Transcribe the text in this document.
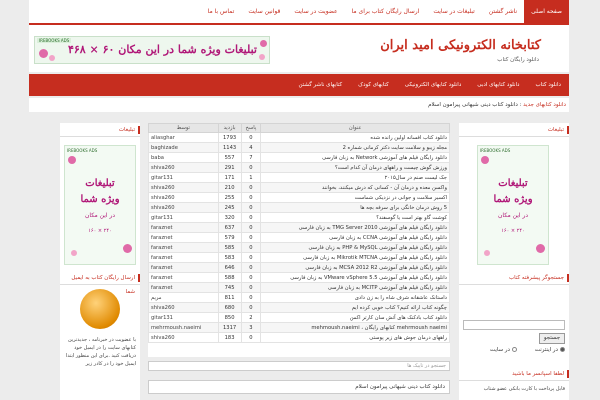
صفحه اصلی
ناشر گشتن
تبلیغات در سایت
ارسال رایگان کتاب برای ما
عضویت در سایت
قوانین سایت
تماس با ما
کتابخانه الکترونیکی امید ایران
دانلود رایگان کتاب
IREBOOKS ADS
تبلیغات ویژه شما در این مکان ۶۰ × ۴۶۸
دانلود کتاب
دانلود کتابهای ادبی
دانلود کتابهای الکترونیکی
کتابهای کودک
کتابهای ناشر گشتن
دانلود کتابهای جدید : دانلود کتاب دینی شیهانی پیرامون اسلام
تبلیغات
IREBOOKS ADS
تبلیغات
ویژه شما
در این مکان
۱۶۰ × ۲۴۰
ارسال رایگان کتاب به ایمیل شما
با عضویت در خبرنامه ، جدیدترین کتابهای سایت را در ایمیل خود دریافت کنید .برای این منظور ابتدا ایمیل خود را در کادر زیر
عنوان	پاسخ	بازدید	توسط
دانلود کتاب افسانه اولین رانده شده	0	1793	aliasghar
مجله زیبو و سلامت سایت دکتر کرمانی شماره 2	4	1143	baghizade
دانلود رایگان فیلم های آموزشی Network به زبان فارسی	7	557	baba
ورزش گوش چیست و راههای درمان آن کدام است؟	0	291	shiva260
جک لیست صنم در سال۲۰۱۵	1	171	gitar131
واکسن معده و درمان آن - کسانی که درش میکنند، بخوانند	0	210	shiva260
اکسیر سلامت و جوانی در نزدیکی شماست	0	255	shiva260
5 روش درمان خانگی برای سرفه بچه ها	0	245	shiva260
کوشت گاو بهتر است یا گوسفند؟	0	320	gitar131
دانلود رایگان فیلم های آموزشی TMG Server 2010 به زبان فارسی	0	637	faraznet
دانلود رایگان فیلم های آموزشی CCNA به زبان فارسی	0	579	faraznet
دانلود رایگان فیلم های آموزشی PHP & MySQL به زبان فارسی	0	585	faraznet
دانلود رایگان فیلم های آموزشی Mikrotik MTCNA به زبان فارسی	0	583	faraznet
دانلود رایگان فیلم های آموزشی MCSA 2012 R2 به زبان فارسی	0	646	faraznet
دانلود رایگان فیلم های آموزشی VMware vSphere 5.5 به زبان فارسی	0	588	faraznet
دانلود رایگان فیلم های آموزشی MCITP به زبان فارسی	0	745	faraznet
داستانک عاشقانه شرف شاه را به زن دادی	0	811	مریم
چگونه کتاب ارائه کنیم؟ کتاب خوبی کرده ایم	0	680	shiva260
دانلود کتاب بادکنک های آتش سان کارتر اکمن	2	850	gitar131
mehrmoush naeimi کتابهای رایگان ، mehmoush.naeimi	3	1317	mehrmoush.naeimi
راههای درمان جوش های زیر پوستی	0	183	shiva260
جستجو در تاپیک ها
دانلود کتاب دینی شیهانی پیرامون اسلام
تبلیغات
IREBOOKS ADS
تبلیغات
ویژه شما
در این مکان
۱۶۰ × ۲۴۰
جستجوگر پیشرفته کتاب
جستجو
در اینترنت
در سایت
لطفا اسپانسر ما باشید
قابل پرداخت با کارت بانکی عضو شتاب
